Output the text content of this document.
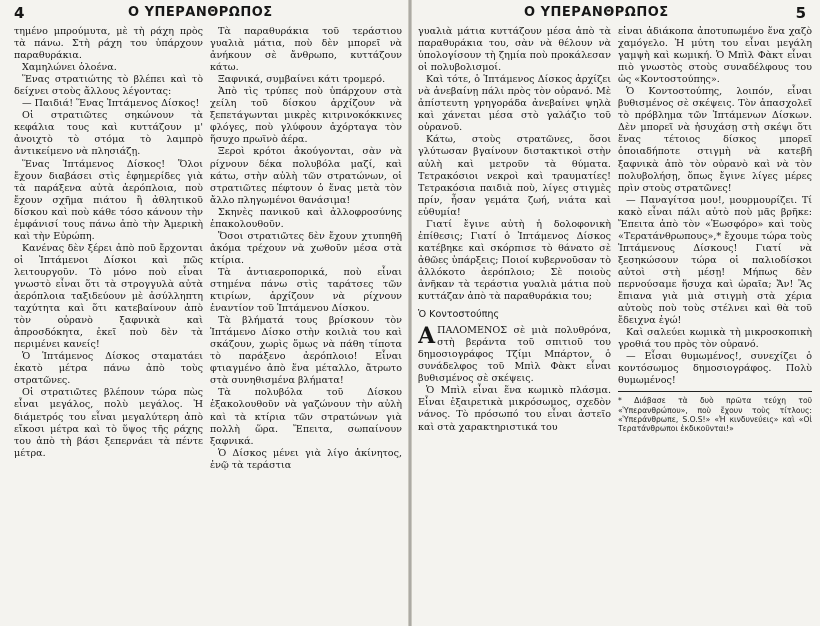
4	Ο ΥΠΕΡΑΝΘΡΩΠΟΣ

τημένο μπρούμυτα, μὲ τὴ ράχη πρὸς τὰ πάνω. Στὴ ράχη του ὑπάρχουν παραθυράκια.

Χαμηλώνει ὁλοένα.

Ἕνας στρατιώτης τὸ βλέπει καὶ τὸ δείχνει στοὺς ἄλλους λέγοντας:

— Παιδιά! Ἕνας Ἱπτάμενος Δίσκος!

Οἱ στρατιῶτες σηκώνουν τὰ κεφάλια τους καὶ κυττάζουν μ' ἀνοιχτὸ τὸ στόμα τὸ λαμπρὸ ἀντικείμενο νὰ πλησιάζῃ.

Ἕνας Ἱπτάμενος Δίσκος! Ὅλοι ἔχουν διαβάσει στὶς ἐφημερίδες γιὰ τὰ παράξενα αὐτὰ ἀερόπλοια, ποὺ ἔχουν σχῆμα πιάτου ἢ ἀθλητικοῦ δίσκου καὶ ποὺ κάθε τόσο κάνουν τὴν ἐμφάνισί τους πάνω ἀπὸ τὴν Ἀμερικὴ καὶ τὴν Εὐρώπη.

Κανένας δὲν ξέρει ἀπὸ ποῦ ἔρχονται οἱ Ἱπτάμενοι Δίσκοι καὶ πῶς λειτουργοῦν. Τὸ μόνο ποὺ εἶναι γνωστὸ εἶναι ὅτι τὰ στρογγυλὰ αὐτὰ ἀερόπλοια ταξιδεύουν μὲ ἀσύλληπτη ταχύτητα καὶ ὅτι κατεβαίνουν ἀπὸ τὸν οὐρανὸ ξαφνικὰ καὶ ἀπροσδόκητα, ἐκεῖ ποὺ δὲν τὰ περιμένει κανείς!

Ὁ Ἱπτάμενος Δίσκος σταματάει ἑκατὸ μέτρα πάνω ἀπὸ τοὺς στρατῶνες.

Οἱ στρατιῶτες βλέπουν τώρα πὼς εἶναι μεγάλος, πολὺ μεγάλος. Ἡ διάμετρός του εἶναι μεγαλύτερη ἀπὸ εἴκοσι μέτρα καὶ τὸ ὕψος τῆς ράχης του ἀπὸ τὴ βάσι ξεπερνάει τὰ πέντε μέτρα.

Τὰ παραθυράκια τοῦ τεράστιου γυαλιὰ μάτια, ποὺ δὲν μπορεῖ νὰ ἀνήκουν σὲ ἄνθρωπο, κυττάζουν κάτω.

Ξαφνικά, συμβαίνει κάτι τρομερό.

Ἀπὸ τὶς τρύπες ποὺ ὑπάρχουν στὰ χείλη τοῦ δίσκου ἀρχίζουν νὰ ξεπετάγωνται μικρὲς κιτρινοκόκκινες φλόγες, ποὺ γλύφουν ἀχόρταγα τὸν ἥσυχο πρωϊνὸ ἀέρα.

Ξεροὶ κρότοι ἀκούγονται, σὰν νὰ ρίχνουν δέκα πολυβόλα μαζί, καὶ κάτω, στὴν αὐλὴ τῶν στρατώνων, οἱ στρατιῶτες πέφτουν ὁ ἕνας μετὰ τὸν ἄλλο πληγωμένοι θανάσιμα!

Σκηνὲς πανικοῦ καὶ ἀλλοφροσύνης ἐπακολουθοῦν.

Ὅσοι στρατιῶτες δὲν ἔχουν χτυπηθῆ ἀκόμα τρέχουν νὰ χωθοῦν μέσα στὰ κτίρια.

Τὰ ἀντιαεροπορικά, ποὺ εἶναι στημένα πάνω στὶς ταράτσες τῶν κτιρίων, ἀρχίζουν νὰ ρίχνουν ἐναντίον τοῦ Ἱπτάμενου Δίσκου.

Τὰ βλήματά τους βρίσκουν τὸν Ἱπτάμενο Δίσκο στὴν κοιλιὰ του καὶ σκάζουν, χωρὶς ὅμως νὰ πάθη τίποτα τὸ παράξενο ἀερόπλοιο! Εἶναι φτιαγμένο ἀπὸ ἕνα μέταλλο, ἄτρωτο στὰ συνηθισμένα βλήματα!

Τὰ πολυβόλα τοῦ Δίσκου ἐξακολουθοῦν νὰ γαζώνουν τὴν αὐλὴ καὶ τὰ κτίρια τῶν στρατώνων γιὰ πολλὴ ὥρα. Ἔπειτα, σωπαίνουν ξαφνικά.

Ὁ Δίσκος μένει γιὰ λίγο ἀκίνητος, ἐνῷ τὰ τεράστια

Ο ΥΠΕΡΑΝΘΡΩΠΟΣ	5

γυαλιὰ μάτια κυττάζουν μέσα ἀπὸ τὰ παραθυράκια του, σὰν νὰ θέλουν νὰ ὑπολογίσουν τὴ ζημία ποὺ προκάλεσαν οἱ πολυβολισμοί.

Καὶ τότε, ὁ Ἱπτάμενος Δίσκος ἀρχίζει νὰ ἀνεβαίνῃ πάλι πρὸς τὸν οὐρανό. Μὲ ἀπίστευτη γρηγοράδα ἀνεβαίνει ψηλὰ καὶ χάνεται μέσα στὸ γαλάζιο τοῦ οὐρανοῦ.

Κάτω, στοὺς στρατῶνες, ὅσοι γλύτωσαν βγαίνουν διστακτικοὶ στὴν αὐλὴ καὶ μετροῦν τὰ θύματα. Τετρακόσιοι νεκροὶ καὶ τραυματίες! Τετρακόσια παιδιὰ ποὺ, λίγες στιγμὲς πρίν, ἦσαν γεμάτα ζωή, νιάτα καὶ εὐθυμία!

Γιατί ἔγινε αὐτὴ ἡ δολοφονικὴ ἐπίθεσις; Γιατί ὁ Ἱπτάμενος Δίσκος κατέβηκε καὶ σκόρπισε τὸ θάνατο σὲ ἀθῶες ὑπάρξεις; Ποιοί κυβερνοῦσαν τὸ ἀλλόκοτο ἀερόπλοιο; Σὲ ποιοὺς ἀνῆκαν τὰ τεράστια γυαλιὰ μάτια ποὺ κυττάζαν ἀπὸ τὰ παραθυράκια του;

Ὁ Κοντοστούπης

ΑΠΑΛΟΜΕΝΟΣ σὲ μιὰ πολυθρόνα, στὴ βεράντα τοῦ σπιτιοῦ του δημοσιογράφος Τζίμι Μπάρτον, ὁ συνάδελφος τοῦ Μπὶλ Φὰκτ εἶναι βυθισμένος σὲ σκέψεις.

Ὁ Μπὶλ εἶναι ἕνα κωμικὸ πλάσμα. Εἶναι ἐξαιρετικὰ μικρόσωμος, σχεδὸν νάνος. Τὸ πρόσωπό του εἶναι ἀστεῖο καὶ στὰ χαρακτηριστικά του

εἶναι ἀδιάκοπα ἀποτυπωμένο ἕνα χαζὸ χαμόγελο. Ἡ μύτη του εἶναι μεγάλη γαμψὴ καὶ κωμική. Ὁ Μπὶλ Φὰκτ εἶναι πιὸ γνωστὸς στοὺς συναδέλφους του ὡς «Κοντοστούπης».

Ὁ Κοντοστούπης, λοιπόν, εἶναι βυθισμένος σὲ σκέψεις. Τὸν ἀπασχολεῖ τὸ πρόβλημα τῶν Ἱπτάμενων Δίσκων. Δὲν μπορεῖ νὰ ἡσυχάσῃ στὴ σκέψι ὅτι ἕνας τέτοιος δίσκος μπορεῖ ὁποιαδήποτε στιγμὴ νὰ κατεβῆ ξαφνικὰ ἀπὸ τὸν οὐρανὸ καὶ νὰ τὸν πολυβολήσῃ, ὅπως ἔγινε λίγες μέρες πρὶν στοὺς στρατῶνες!

— Παναγίτσα μου!, μουρμουρίζει. Τί κακὸ εἶναι πάλι αὐτὸ ποὺ μᾶς βρῆκε: Ἔπειτα ἀπὸ τὸν «Ἐωσφόρο» καὶ τοὺς «Τερατάνθρωπους»,* ἔχουμε τώρα τοὺς Ἱπτάμενους Δίσκους! Γιατί νὰ ξεσηκώσουν τώρα οἱ παλιοδίσκοι αὐτοὶ στὴ μέσῃ! Μήπως δὲν περνούσαμε ἥσυχα καὶ ὡραῖα; Ἄν! Ἂς ἔπιανα γιὰ μιὰ στιγμὴ στὰ χέρια αὐτοὺς ποὺ τοὺς στέλνει καὶ θὰ τοῦ ἔδειχνα ἐγώ!

Καὶ σαλεύει κωμικὰ τὴ μικροσκοπικὴ γροθιά του πρὸς τὸν οὐρανό.

— Εἶσαι θυμωμένος!, συνεχίζει ὁ κοντόσωμος δημοσιογράφος. Πολὺ θυμωμένος!

* Διάβασε τὰ δυὸ πρῶτα τεύχη τοῦ «Ὑπερανθρώπου», ποὺ ἔχουν τοὺς τίτλους: «Ὑπεράνθρωπε, S.O.S!» «Ἡ κινδυνεύεις» καὶ «Οἱ Τερατάνθρωποι ἐκδικοῦνται!»
